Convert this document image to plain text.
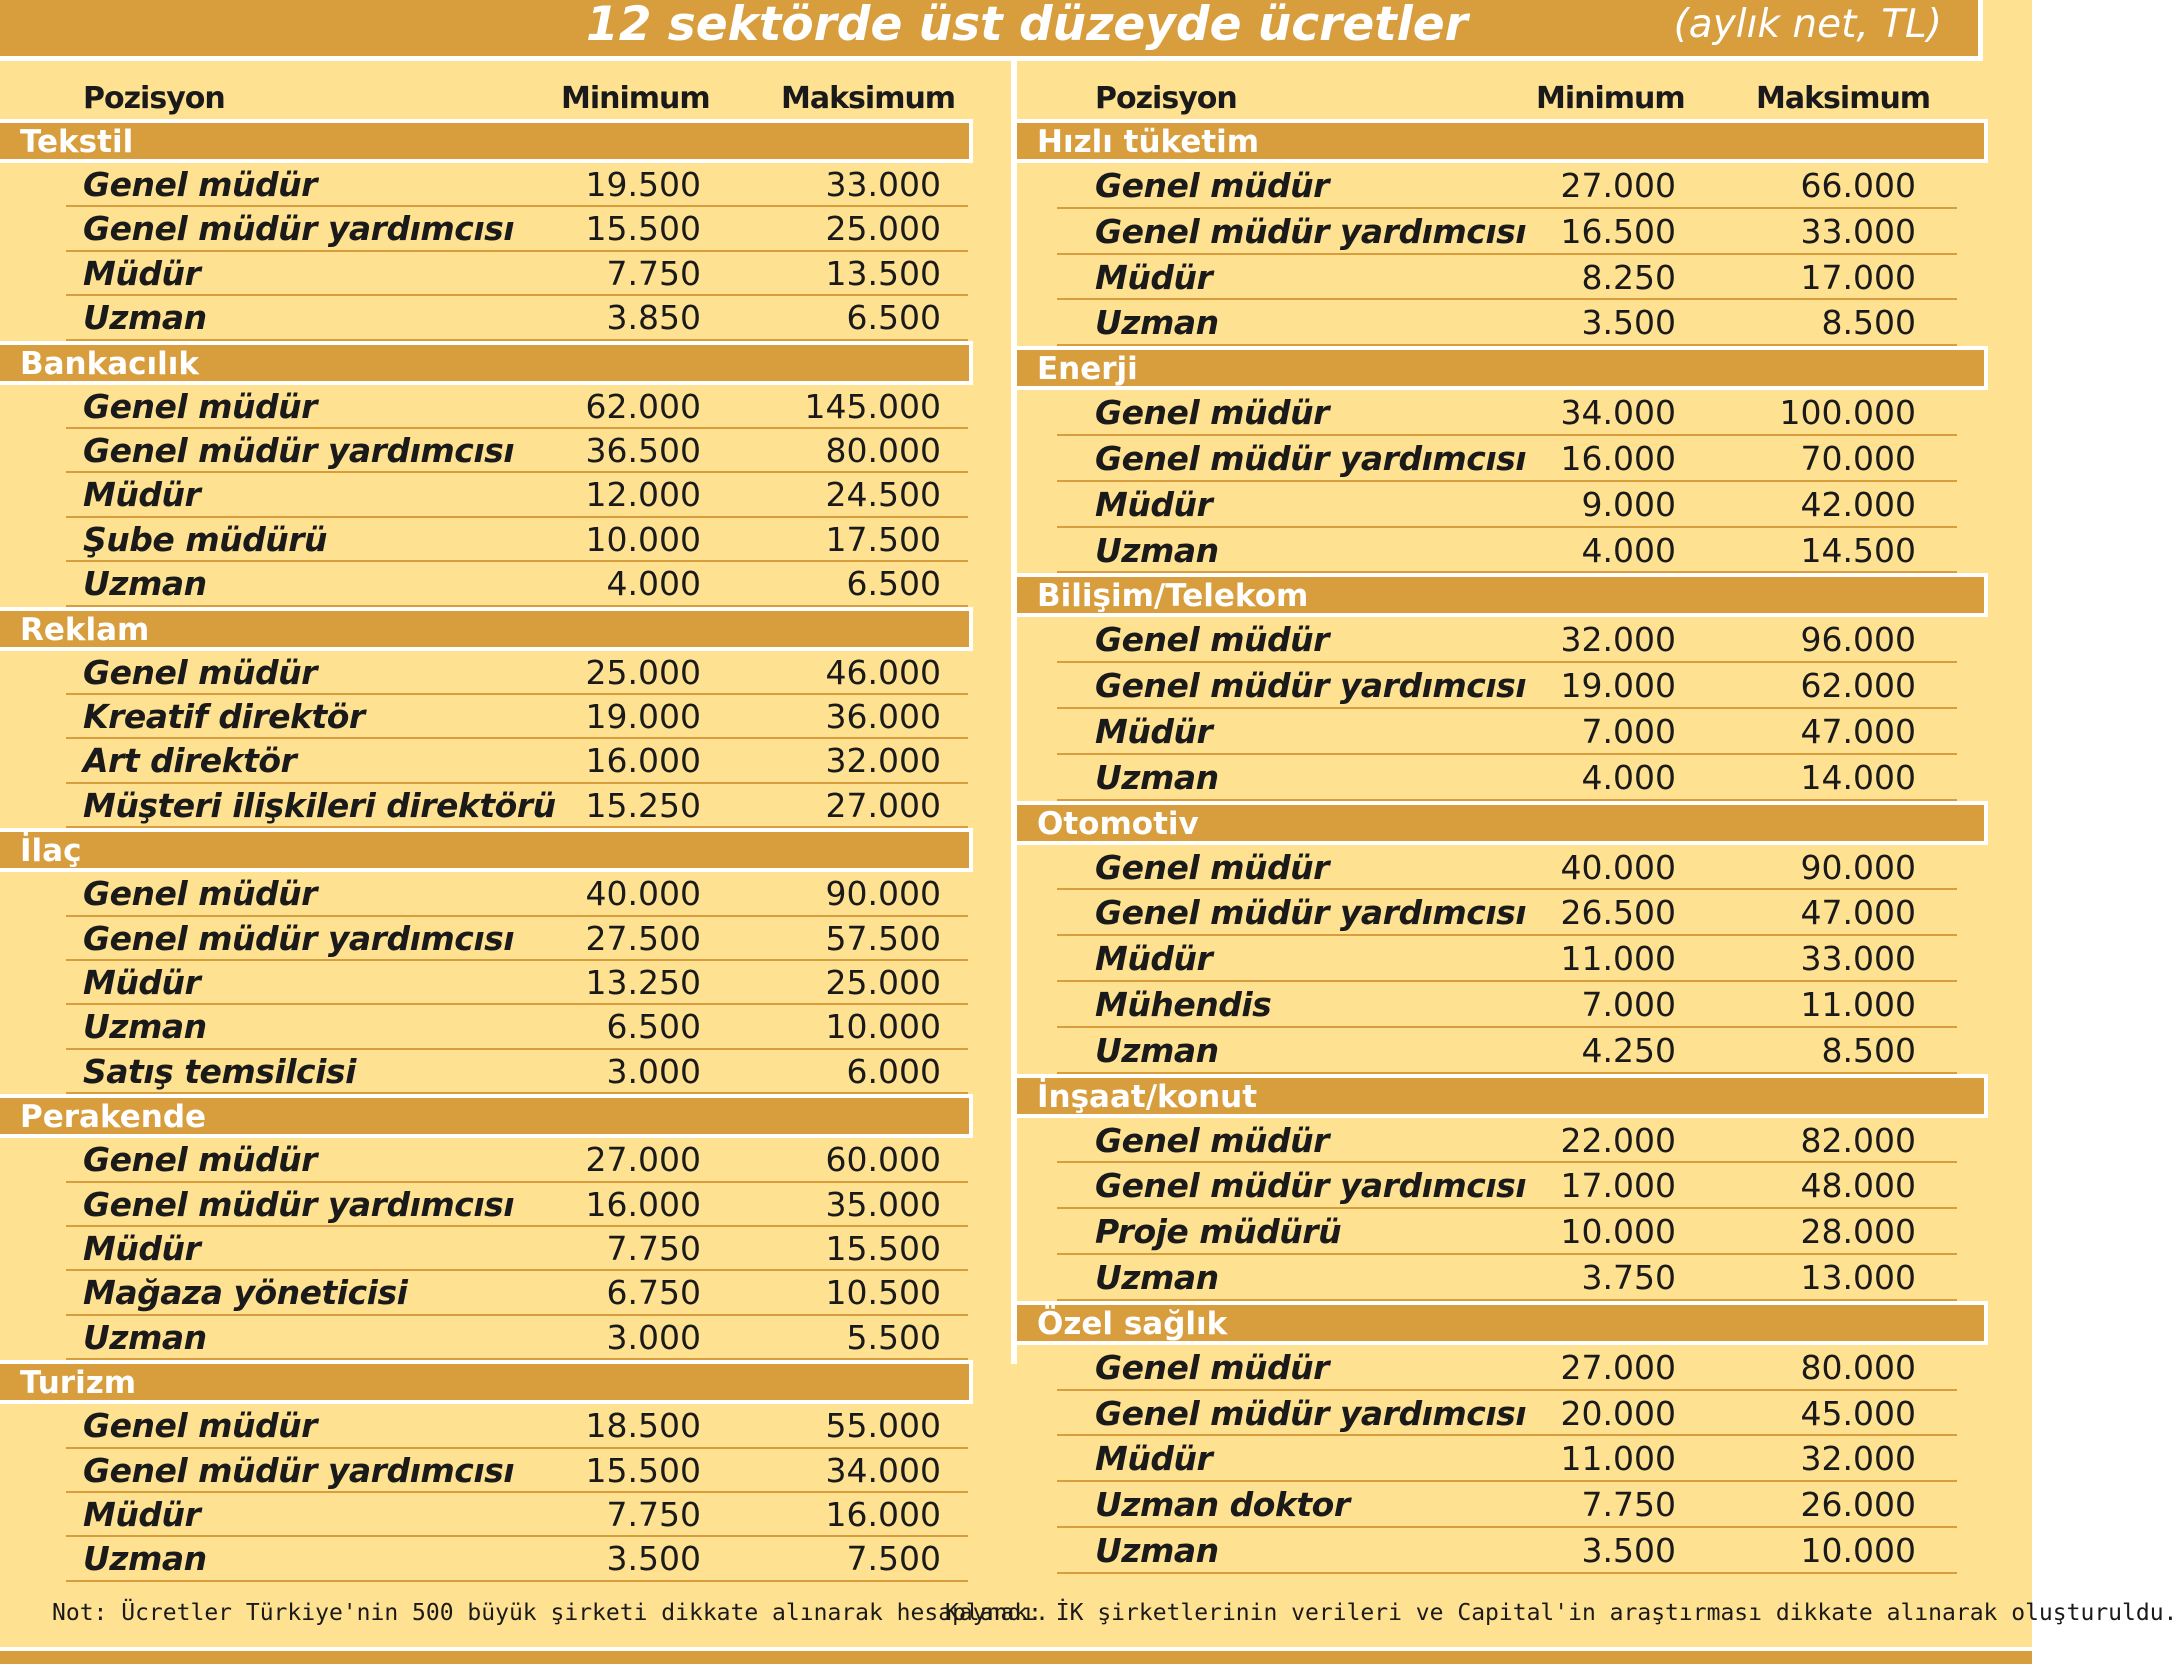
12 sektörde üst düzeyde ücretler	(aylık net, TL)
Pozisyon	Minimum Maksimum
Tekstil
Genel müdür	19.500	33.000
Genel müdür yardımcısı	15.500	25.000
Müdür	7.750	13.500
Uzman	3.850	6.500
Bankacılık
Genel müdür	62.000	145.000
Genel müdür yardımcısı	36.500	80.000
Müdür	12.000	24.500
Şube müdürü	10.000	17.500
Uzman	4.000	6.500
Reklam
Genel müdür	25.000	46.000
Kreatif direktör	19.000	36.000
Art direktör	16.000	32.000
Müşteri ilişkileri direktörü 15.250	27.000
İlaç
Genel müdür	40.000	90.000
Genel müdür yardımcısı	27.500	57.500
Müdür	13.250	25.000
Uzman	6.500	10.000
Satış temsilcisi	3.000	6.000
Perakende
Genel müdür	27.000	60.000
Genel müdür yardımcısı	16.000	35.000
Müdür	7.750	15.500
Mağaza yöneticisi	6.750	10.500
Uzman	3.000	5.500
Turizm
Genel müdür	18.500	55.000
Genel müdür yardımcısı	15.500	34.000
Müdür	7.750	16.000
Uzman	3.500	7.500
Pozisyon	Minimum Maksimum
Hızlı tüketim
Genel müdür	27.000	66.000
Genel müdür yardımcısı	16.500	33.000
Müdür	8.250	17.000
Uzman	3.500	8.500
Enerji
Genel müdür	34.000	100.000
Genel müdür yardımcısı	16.000	70.000
Müdür	9.000	42.000
Uzman	4.000	14.500
Bilişim/Telekom
Genel müdür	32.000	96.000
Genel müdür yardımcısı	19.000	62.000
Müdür	7.000	47.000
Uzman	4.000	14.000
Otomotiv
Genel müdür	40.000	90.000
Genel müdür yardımcısı	26.500	47.000
Müdür	11.000	33.000
Mühendis	7.000	11.000
Uzman	4.250	8.500
İnşaat/konut
Genel müdür	22.000	82.000
Genel müdür yardımcısı	17.000	48.000
Proje müdürü	10.000	28.000
Uzman	3.750	13.000
Özel sağlık
Genel müdür	27.000	80.000
Genel müdür yardımcısı	20.000	45.000
Müdür	11.000	32.000
Uzman doktor	7.750	26.000
Uzman	3.500	10.000
Not: Ücretler Türkiye'nin 500 büyük şirketi dikkate alınarak hesaplandı.
Kaynak: İK şirketlerinin verileri ve Capital'in araştırması dikkate alınarak oluşturuldu.
